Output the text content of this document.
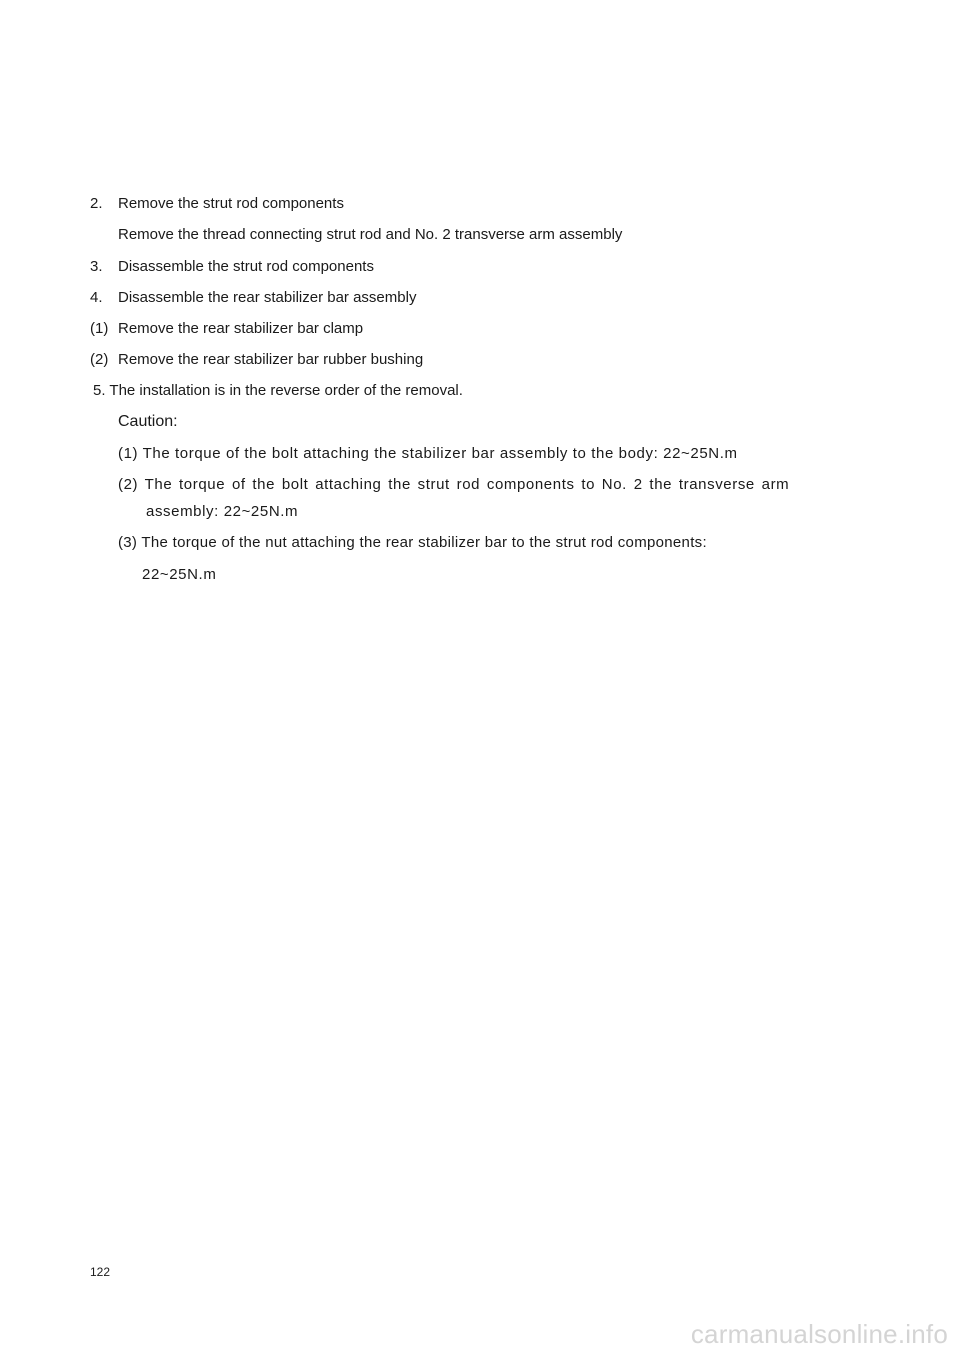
2. Remove the strut rod components
Remove the thread connecting strut rod and No. 2 transverse arm assembly
3. Disassemble the strut rod components
4. Disassemble the rear stabilizer bar assembly
(1) Remove the rear stabilizer bar clamp
(2) Remove the rear stabilizer bar rubber bushing
5. The installation is in the reverse order of the removal.
Caution:
(1) The torque of the bolt attaching the stabilizer bar assembly to the body: 22~25N.m
(2) The torque of the bolt attaching the strut rod components to No. 2 the transverse arm
assembly: 22~25N.m
(3) The torque of the nut attaching the rear stabilizer bar to the strut rod components:
22~25N.m
122
carmanualsonline.info
